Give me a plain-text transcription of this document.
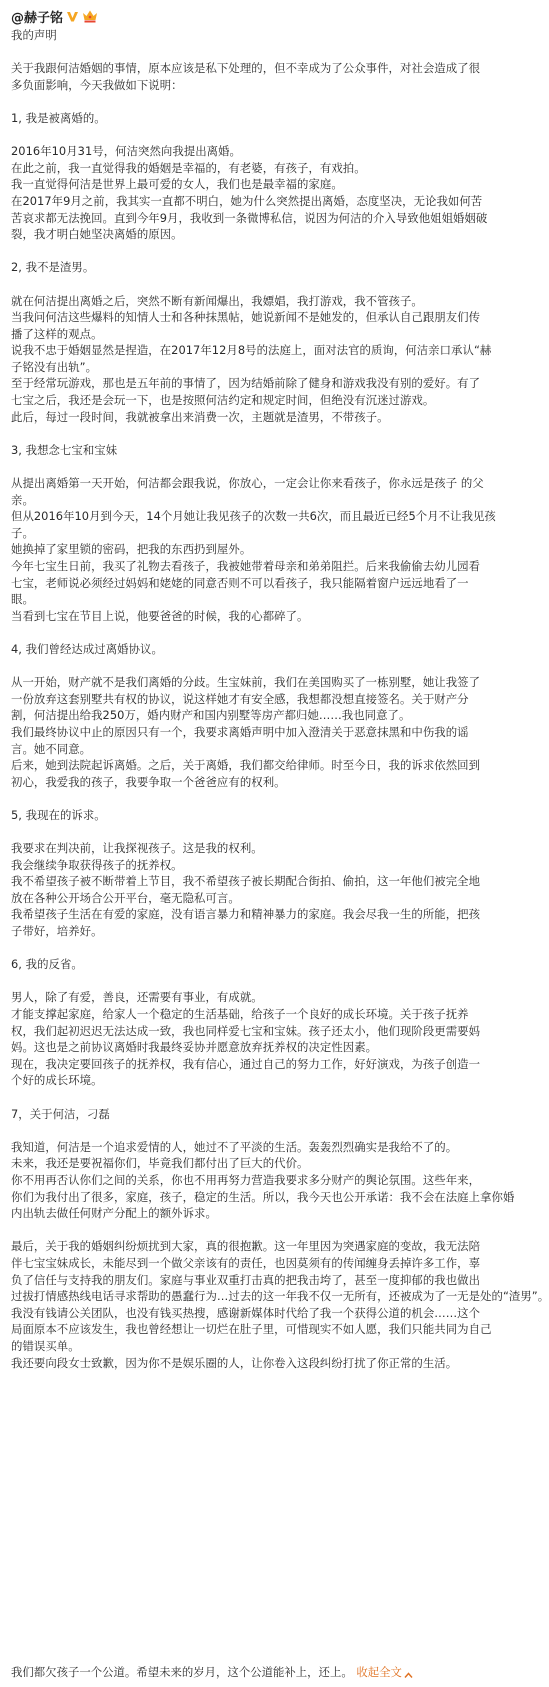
@赫子铭
我的声明
关于我跟何洁婚姻的事情，原本应该是私下处理的，但不幸成为了公众事件，对社会造成了很
多负面影响，今天我做如下说明：
1, 我是被离婚的。
2016年10月31号，何洁突然向我提出离婚。
在此之前，我一直觉得我的婚姻是幸福的，有老婆，有孩子，有戏拍。
我一直觉得何洁是世界上最可爱的女人，我们也是最幸福的家庭。
在2017年9月之前，我其实一直都不明白，她为什么突然提出离婚，态度坚决，无论我如何苦
苦哀求都无法挽回。直到今年9月，我收到一条微博私信，说因为何洁的介入导致他姐姐婚姻破
裂，我才明白她坚决离婚的原因。
2, 我不是渣男。
就在何洁提出离婚之后，突然不断有新闻爆出，我嫖娼，我打游戏，我不管孩子。
当我问何洁这些爆料的知情人士和各种抹黑帖，她说新闻不是她发的，但承认自己跟朋友们传
播了这样的观点。
说我不忠于婚姻显然是捏造，在2017年12月8号的法庭上，面对法官的质询，何洁亲口承认“赫
子铭没有出轨”。
至于经常玩游戏，那也是五年前的事情了，因为结婚前除了健身和游戏我没有别的爱好。有了
七宝之后，我还是会玩一下，也是按照何洁约定和规定时间，但绝没有沉迷过游戏。
此后，每过一段时间，我就被拿出来消费一次，主题就是渣男，不带孩子。
3, 我想念七宝和宝妹
从提出离婚第一天开始，何洁都会跟我说，你放心，一定会让你来看孩子，你永远是孩子 的父
亲。
但从2016年10月到今天，14个月她让我见孩子的次数一共6次，而且最近已经5个月不让我见孩
子。
她换掉了家里锁的密码，把我的东西扔到屋外。
今年七宝生日前，我买了礼物去看孩子，我被她带着母亲和弟弟阻拦。后来我偷偷去幼儿园看
七宝，老师说必须经过妈妈和姥姥的同意否则不可以看孩子，我只能隔着窗户远远地看了一
眼。
当看到七宝在节目上说，他要爸爸的时候，我的心都碎了。
4, 我们曾经达成过离婚协议。
从一开始，财产就不是我们离婚的分歧。生宝妹前，我们在美国购买了一栋别墅，她让我签了
一份放弃这套别墅共有权的协议，说这样她才有安全感，我想都没想直接签名。关于财产分
割，何洁提出给我250万，婚内财产和国内别墅等房产都归她……我也同意了。
我们最终协议中止的原因只有一个，我要求离婚声明中加入澄清关于恶意抹黑和中伤我的谣
言。她不同意。
后来，她到法院起诉离婚。之后，关于离婚，我们都交给律师。时至今日，我的诉求依然回到
初心，我爱我的孩子，我要争取一个爸爸应有的权利。
5, 我现在的诉求。
我要求在判决前，让我探视孩子。这是我的权利。
我会继续争取获得孩子的抚养权。
我不希望孩子被不断带着上节目，我不希望孩子被长期配合街拍、偷拍，这一年他们被完全地
放在各种公开场合公开平台，毫无隐私可言。
我希望孩子生活在有爱的家庭，没有语言暴力和精神暴力的家庭。我会尽我一生的所能，把孩
子带好，培养好。
6, 我的反省。
男人，除了有爱，善良，还需要有事业，有成就。
才能支撑起家庭，给家人一个稳定的生活基础，给孩子一个良好的成长环境。关于孩子抚养
权，我们起初迟迟无法达成一致，我也同样爱七宝和宝妹。孩子还太小，他们现阶段更需要妈
妈。这也是之前协议离婚时我最终妥协并愿意放弃抚养权的决定性因素。
现在，我决定要回孩子的抚养权，我有信心，通过自己的努力工作，好好演戏，为孩子创造一
个好的成长环境。
7，关于何洁，刁磊
我知道，何洁是一个追求爱情的人，她过不了平淡的生活。轰轰烈烈确实是我给不了的。
未来，我还是要祝福你们，毕竟我们都付出了巨大的代价。
你不用再否认你们之间的关系，你也不用再努力营造我要求多分财产的舆论氛围。这些年来，
你们为我付出了很多，家庭，孩子，稳定的生活。所以，我今天也公开承诺：我不会在法庭上拿你婚
内出轨去做任何财产分配上的额外诉求。
最后，关于我的婚姻纠纷烦扰到大家，真的很抱歉。这一年里因为突遇家庭的变故，我无法陪
伴七宝宝妹成长，未能尽到一个做父亲该有的责任，也因莫须有的传闻缠身丢掉许多工作，辜
负了信任与支持我的朋友们。家庭与事业双重打击真的把我击垮了，甚至一度抑郁的我也做出
过拔打情感热线电话寻求帮助的愚蠢行为…过去的这一年我不仅一无所有，还被成为了一无是处的“渣男”。
我没有钱请公关团队，也没有钱买热搜，感谢新媒体时代给了我一个获得公道的机会……这个
局面原本不应该发生，我也曾经想让一切烂在肚子里，可惜现实不如人愿，我们只能共同为自己
的错误买单。
我还要向段女士致歉，因为你不是娱乐圈的人，让你卷入这段纠纷打扰了你正常的生活。
我们都欠孩子一个公道。希望未来的岁月，这个公道能补上，还上。 收起全文
